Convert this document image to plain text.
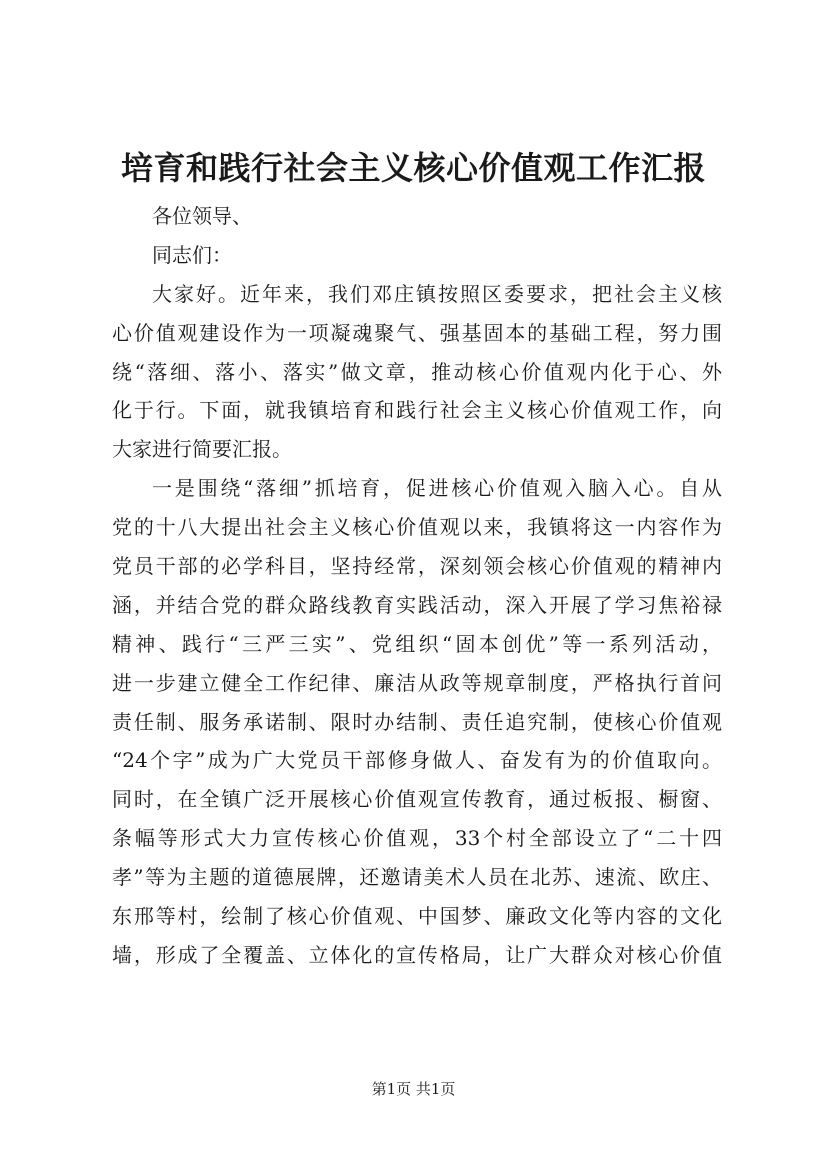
培育和践行社会主义核心价值观工作汇报
各位领导、
同志们：
大家好。近年来，我们邓庄镇按照区委要求，把社会主义核
心价值观建设作为一项凝魂聚气、强基固本的基础工程，努力围
绕“落细、落小、落实”做文章，推动核心价值观内化于心、外
化于行。下面，就我镇培育和践行社会主义核心价值观工作，向
大家进行简要汇报。
一是围绕“落细”抓培育，促进核心价值观入脑入心。自从
党的十八大提出社会主义核心价值观以来，我镇将这一内容作为
党员干部的必学科目，坚持经常，深刻领会核心价值观的精神内
涵，并结合党的群众路线教育实践活动，深入开展了学习焦裕禄
精神、践行“三严三实”、党组织“固本创优”等一系列活动，
进一步建立健全工作纪律、廉洁从政等规章制度，严格执行首问
责任制、服务承诺制、限时办结制、责任追究制，使核心价值观
“24个字”成为广大党员干部修身做人、奋发有为的价值取向。
同时，在全镇广泛开展核心价值观宣传教育，通过板报、橱窗、
条幅等形式大力宣传核心价值观，33个村全部设立了“二十四
孝”等为主题的道德展牌，还邀请美术人员在北苏、速流、欧庄、
东邢等村，绘制了核心价值观、中国梦、廉政文化等内容的文化
墙，形成了全覆盖、立体化的宣传格局，让广大群众对核心价值
第1页 共1页
